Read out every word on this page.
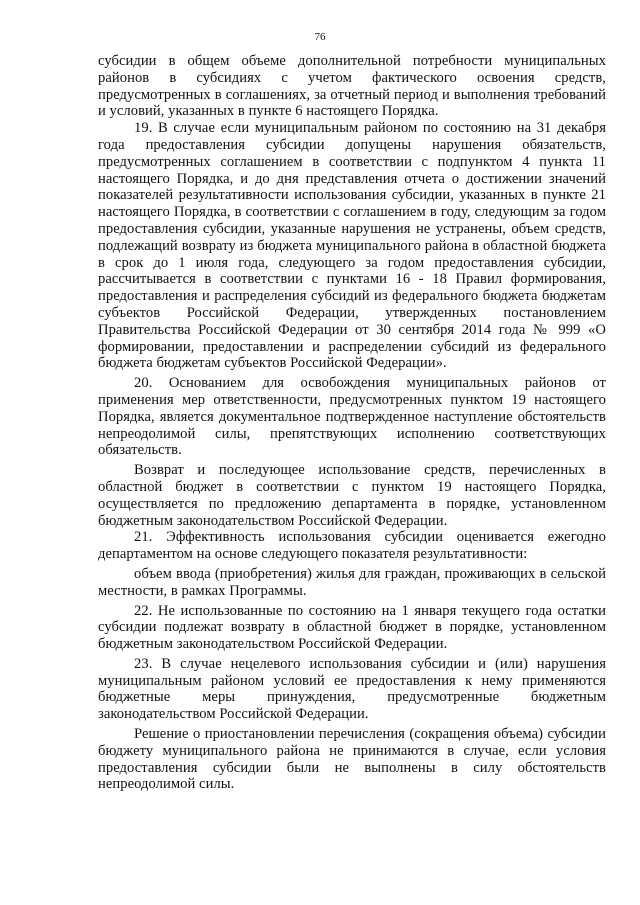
76

субсидии в общем объеме дополнительной потребности муниципальных районов в субсидиях с учетом фактического освоения средств, предусмотренных в соглашениях, за отчетный период и выполнения требований и условий, указанных в пункте 6 настоящего Порядка.

19. В случае если муниципальным районом по состоянию на 31 декабря года предоставления субсидии допущены нарушения обязательств, предусмотренных соглашением в соответствии с подпунктом 4 пункта 11 настоящего Порядка, и до дня представления отчета о достижении значений показателей результативности использования субсидии, указанных в пункте 21 настоящего Порядка, в соответствии с соглашением в году, следующим за годом предоставления субсидии, указанные нарушения не устранены, объем средств, подлежащий возврату из бюджета муниципального района в областной бюджета в срок до 1 июля года, следующего за годом предоставления субсидии, рассчитывается в соответствии с пунктами 16 - 18 Правил формирования, предоставления и распределения субсидий из федерального бюджета бюджетам субъектов Российской Федерации, утвержденных постановлением Правительства Российской Федерации от 30 сентября 2014 года № 999 «О формировании, предоставлении и распределении субсидий из федерального бюджета бюджетам субъектов Российской Федерации».

20. Основанием для освобождения муниципальных районов от применения мер ответственности, предусмотренных пунктом 19 настоящего Порядка, является документальное подтвержденное наступление обстоятельств непреодолимой силы, препятствующих исполнению соответствующих обязательств.

Возврат и последующее использование средств, перечисленных в областной бюджет в соответствии с пунктом 19 настоящего Порядка, осуществляется по предложению департамента в порядке, установленном бюджетным законодательством Российской Федерации.

21. Эффективность использования субсидии оценивается ежегодно департаментом на основе следующего показателя результативности:

объем ввода (приобретения) жилья для граждан, проживающих в сельской местности, в рамках Программы.

22. Не использованные по состоянию на 1 января текущего года остатки субсидии подлежат возврату в областной бюджет в порядке, установленном бюджетным законодательством Российской Федерации.

23. В случае нецелевого использования субсидии и (или) нарушения муниципальным районом условий ее предоставления к нему применяются бюджетные меры принуждения, предусмотренные бюджетным законодательством Российской Федерации.

Решение о приостановлении перечисления (сокращения объема) субсидии бюджету муниципального района не принимаются в случае, если условия предоставления субсидии были не выполнены в силу обстоятельств непреодолимой силы.
